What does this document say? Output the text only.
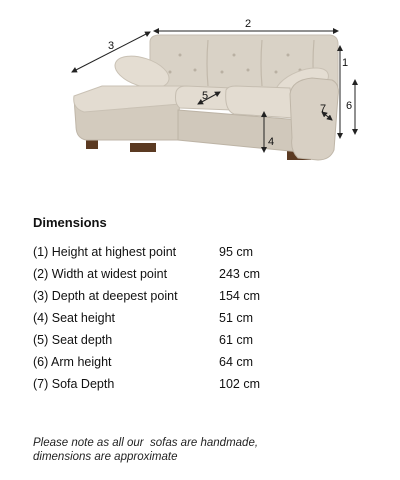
1
2
3
4
5
6
7
Dimensions
(1) Height at highest point	95 cm
(2) Width at widest point	243 cm
(3) Depth at deepest point	154 cm
(4) Seat height	51 cm
(5) Seat depth	61 cm
(6) Arm height	64 cm
(7) Sofa Depth	102 cm
Please note as all our  sofas are handmade,
dimensions are approximate
